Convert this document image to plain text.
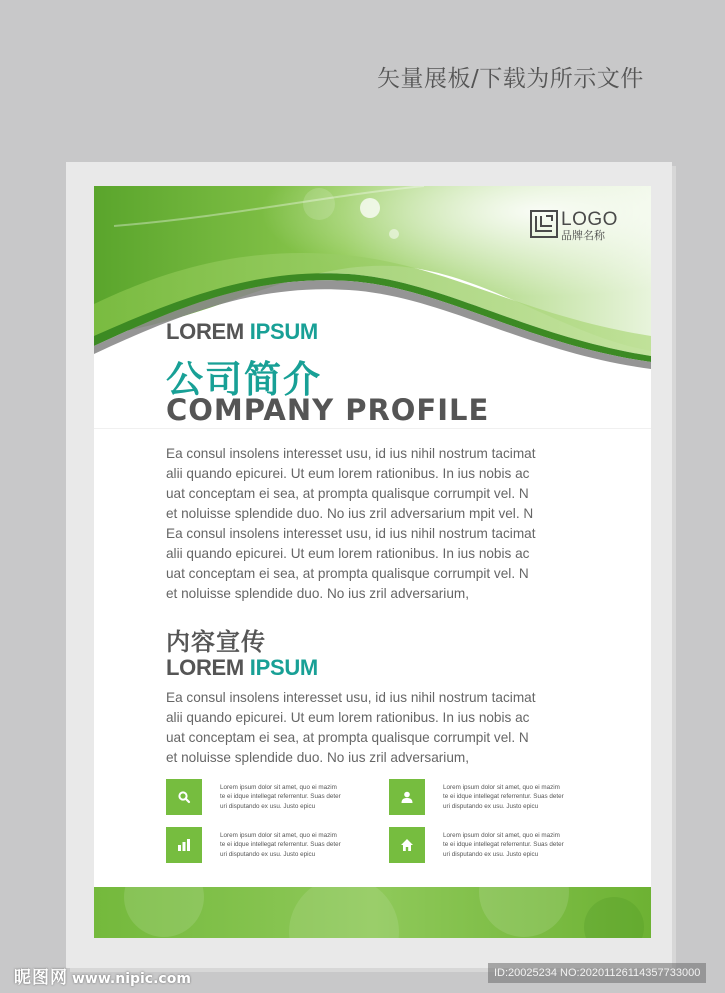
矢量展板/下载为所示文件
LOGO
品牌名称
LOREM IPSUM
公司简介
COMPANY PROFILE
Ea consul insolens interesset usu, id ius nihil nostrum tacimat
alii quando epicurei. Ut eum lorem rationibus. In ius nobis ac
uat conceptam ei sea, at prompta qualisque corrumpit vel. N
et noluisse splendide duo. No ius zril adversarium mpit vel. N
Ea consul insolens interesset usu, id ius nihil nostrum tacimat
alii quando epicurei. Ut eum lorem rationibus. In ius nobis ac
uat conceptam ei sea, at prompta qualisque corrumpit vel. N
et noluisse splendide duo. No ius zril adversarium,
内容宣传
LOREM IPSUM
Ea consul insolens interesset usu, id ius nihil nostrum tacimat
alii quando epicurei. Ut eum lorem rationibus. In ius nobis ac
uat conceptam ei sea, at prompta qualisque corrumpit vel. N
et noluisse splendide duo. No ius zril adversarium,
Lorem ipsum dolor sit amet, quo ei mazim
te ei idque intellegat referrentur. Suas deter
uri disputando ex usu. Justo epicu
Lorem ipsum dolor sit amet, quo ei mazim
te ei idque intellegat referrentur. Suas deter
uri disputando ex usu. Justo epicu
Lorem ipsum dolor sit amet, quo ei mazim
te ei idque intellegat referrentur. Suas deter
uri disputando ex usu. Justo epicu
Lorem ipsum dolor sit amet, quo ei mazim
te ei idque intellegat referrentur. Suas deter
uri disputando ex usu. Justo epicu
昵图网 www.nipic.com	ID:20025234 NO:20201126114357733000
